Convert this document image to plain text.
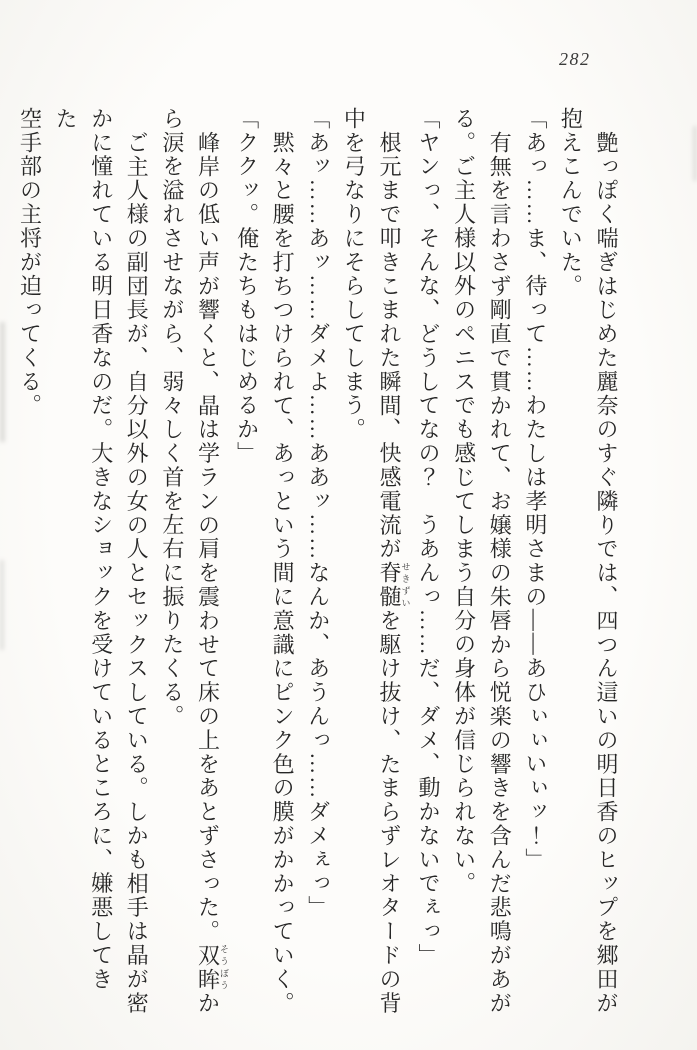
282
艶っぽく喘ぎはじめた麗奈のすぐ隣りでは、四つん這いの明日香のヒップを郷田が
抱えこんでいた。
「あっ……ま、待って……わたしは孝明さまの――あひぃぃいぃッ！」
有無を言わさず剛直で貫かれて、お嬢様の朱唇から悦楽の響きを含んだ悲鳴があが
る。ご主人様以外のペニスでも感じてしまう自分の身体が信じられない。
「ヤンっ、そんな、どうしてなの？　うあんっ……だ、ダメ、動かないでぇっ」
根元まで叩きこまれた瞬間、快感電流が脊髄せきずいを駆け抜け、たまらずレオタードの背
中を弓なりにそらしてしまう。
「あッ……あッ……ダメよ……ああッ……なんか、あうんっ……ダメぇっ」
黙々と腰を打ちつけられて、あっという間に意識にピンク色の膜がかかっていく。
「ククッ。俺たちもはじめるか」
峰岸の低い声が響くと、晶は学ランの肩を震わせて床の上をあとずさった。双眸そうぼうか
ら涙を溢れさせながら、弱々しく首を左右に振りたくる。
ご主人様の副団長が、自分以外の女の人とセックスしている。しかも相手は晶が密
かに憧れている明日香なのだ。大きなショックを受けているところに、嫌悪してきた
空手部の主将が迫ってくる。
